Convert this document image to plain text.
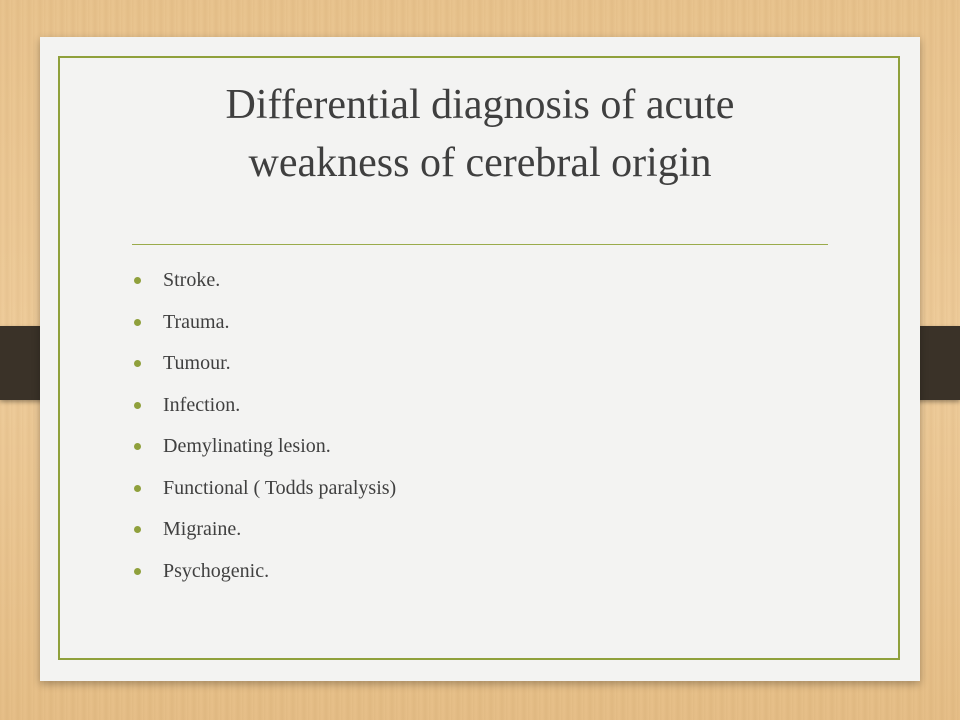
Differential diagnosis of acute
weakness of cerebral origin
Stroke.
Trauma.
Tumour.
Infection.
Demylinating lesion.
Functional ( Todds paralysis)
Migraine.
Psychogenic.
